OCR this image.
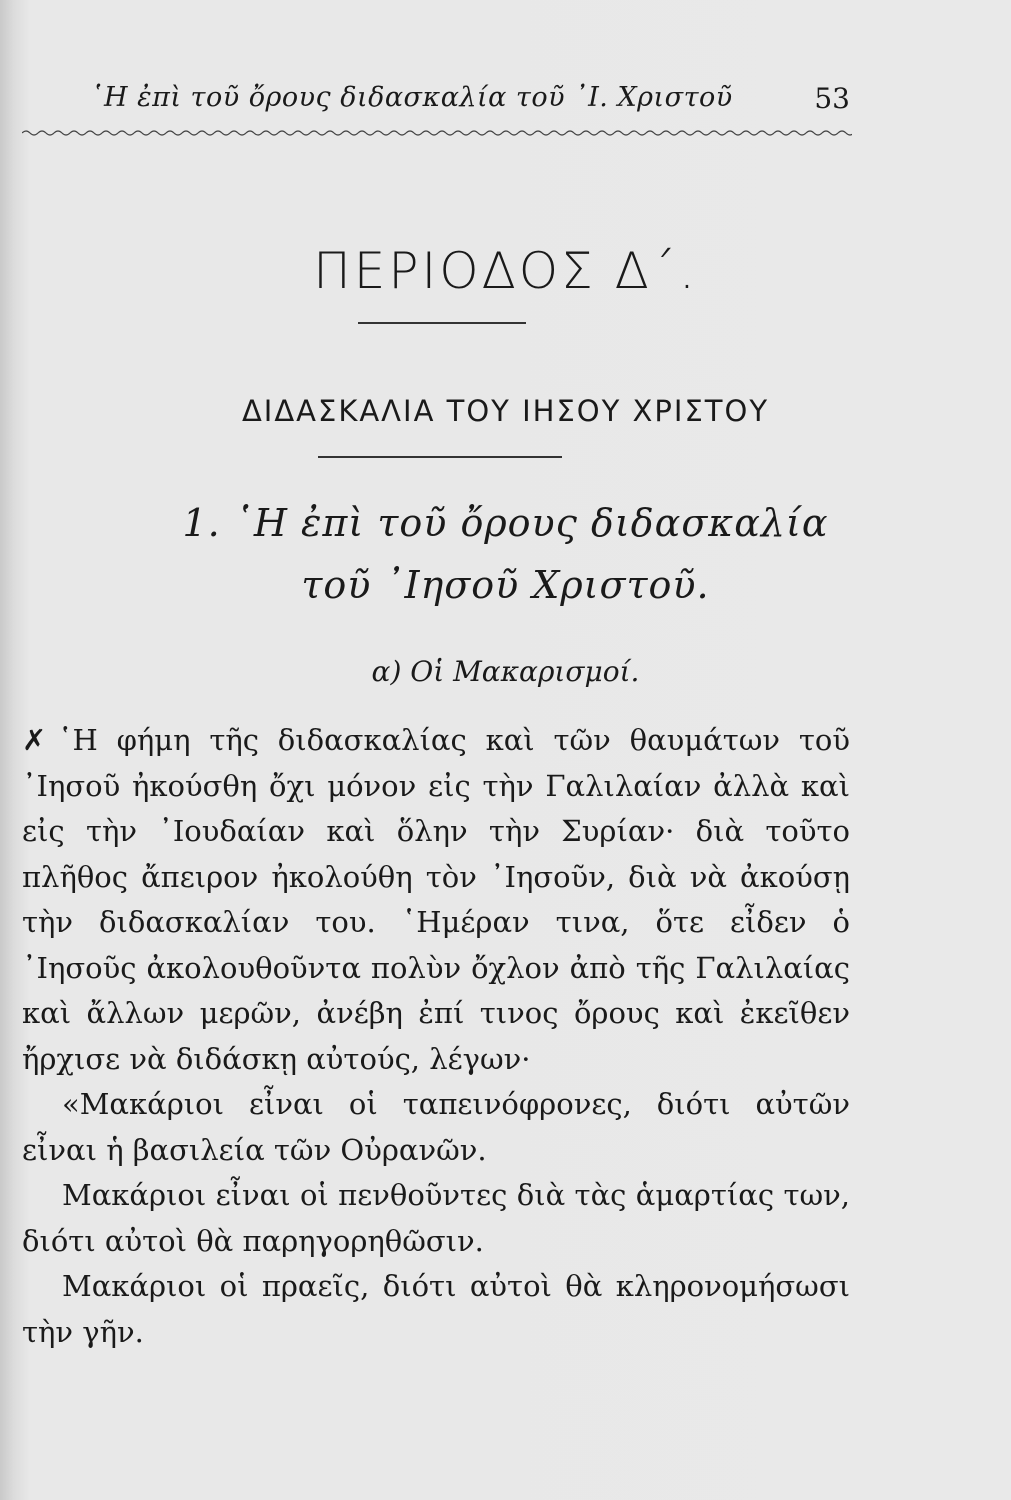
῾Η ἐπὶ τοῦ ὄρους διδασκαλία τοῦ ᾿Ι. Χριστοῦ	53
ΠΕΡΙΟΔΟΣ Δ΄.
ΔΙΔΑΣΚΑΛΙΑ ΤΟΥ ΙΗΣΟΥ ΧΡΙΣΤΟΥ
1. ῾Η ἐπὶ τοῦ ὄρους διδασκαλία
τοῦ ᾿Ιησοῦ Χριστοῦ.
α) Οἱ Μακαρισμοί.

✗ ῾Η φήμη τῆς διδασκαλίας καὶ τῶν θαυμάτων τοῦ ᾿Ιησοῦ ἠκούσθη ὄχι μόνον εἰς τὴν Γαλιλαίαν ἀλλὰ καὶ εἰς τὴν ᾿Ιουδαίαν καὶ ὅλην τὴν Συρίαν· διὰ τοῦτο πλῆθος ἄπειρον ἠκολούθη τὸν ᾿Ιησοῦν, διὰ νὰ ἀκούσῃ τὴν διδασκαλίαν του. ῾Ημέραν τινα, ὅτε εἶδεν ὁ ᾿Ιησοῦς ἀκολουθοῦντα πολὺν ὄχλον ἀπὸ τῆς Γαλιλαίας καὶ ἄλλων μερῶν, ἀνέβη ἐπί τινος ὄρους καὶ ἐκεῖθεν ἤρχισε νὰ διδάσκῃ αὐτούς, λέγων·

«Μακάριοι εἶναι οἱ ταπεινόφρονες, διότι αὐτῶν εἶναι ἡ βασιλεία τῶν Οὐρανῶν.

Μακάριοι εἶναι οἱ πενθοῦντες διὰ τὰς ἁμαρτίας των, διότι αὐτοὶ θὰ παρηγορηθῶσιν.

Μακάριοι οἱ πραεῖς, διότι αὐτοὶ θὰ κληρονομήσωσι τὴν γῆν.
